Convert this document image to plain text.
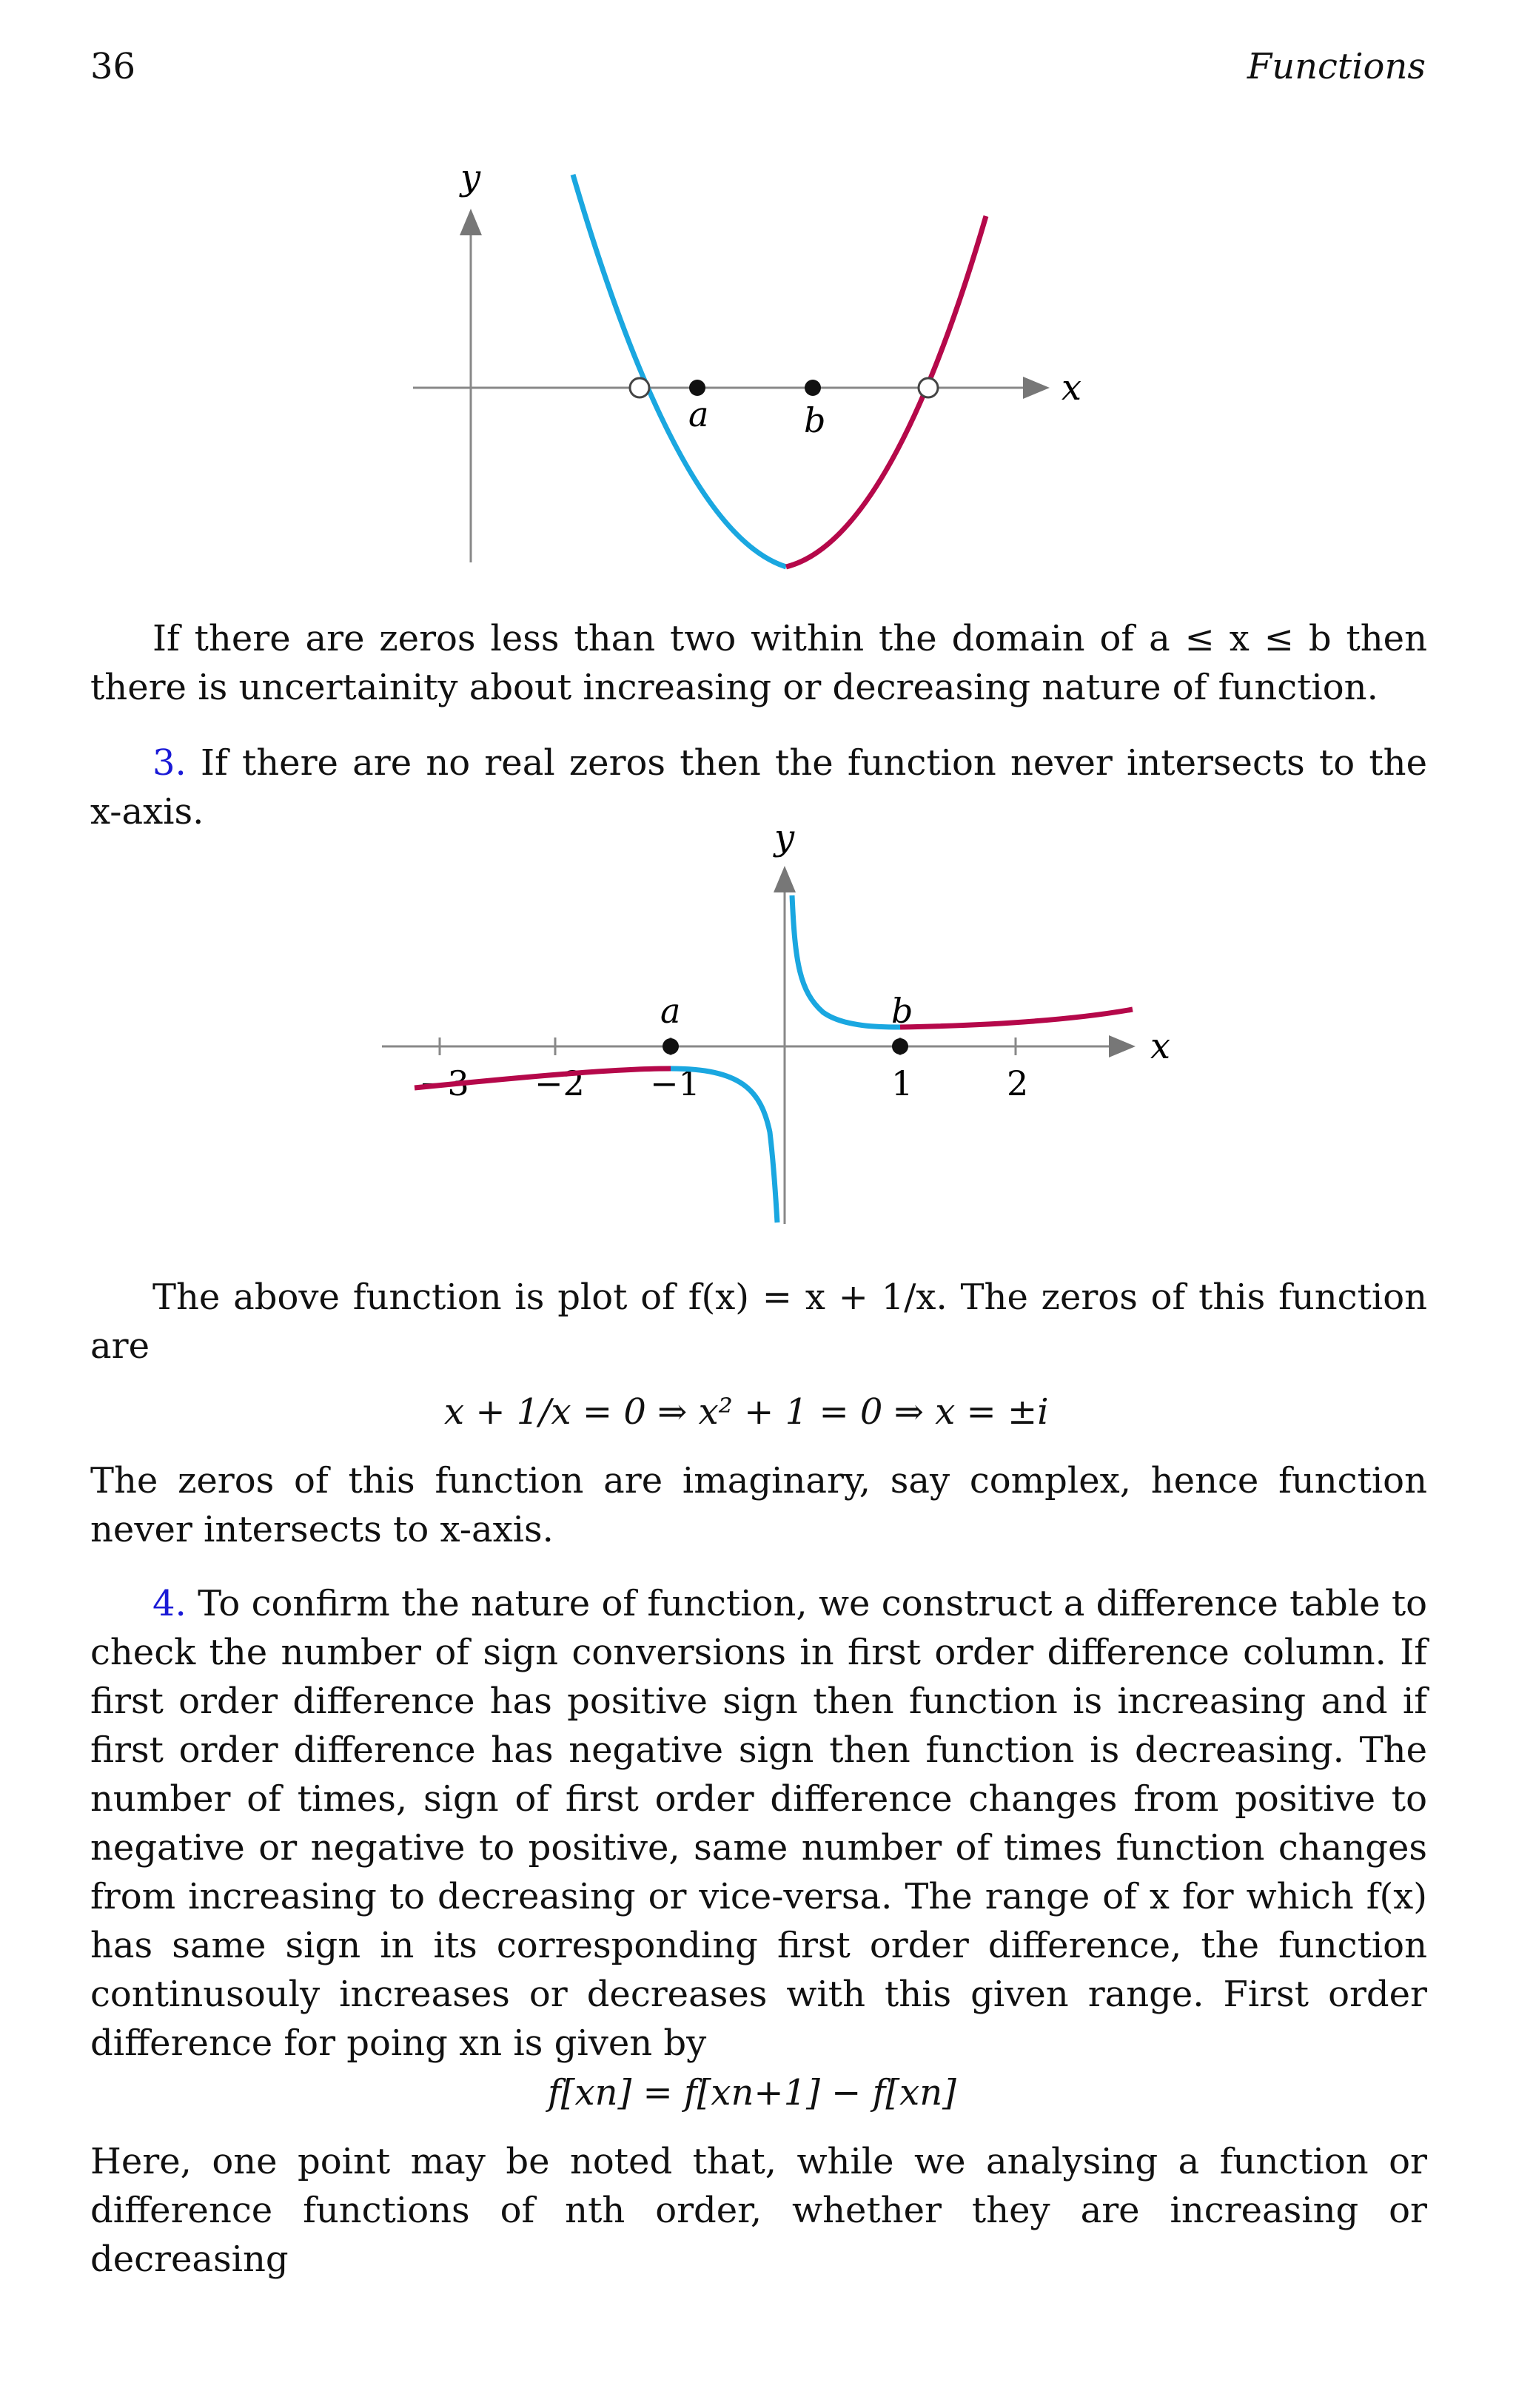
36	Functions
y
x
a	b

If there are zeros less than two within the domain of a ≤ x ≤ b then there is uncertainity about increasing or decreasing nature of function.

3. If there are no real zeros then the function never intersects to the x-axis.

y
x
−3 −2 −1	1	2
a	b

The above function is plot of f(x) = x + 1/x. The zeros of this function are

x + 1/x = 0 ⇒ x² + 1 = 0 ⇒ x = ±i

The zeros of this function are imaginary, say complex, hence function never intersects to x-axis.

4. To confirm the nature of function, we construct a difference table to check the number of sign conversions in first order difference column. If first order difference has positive sign then function is increasing and if first order difference has negative sign then function is decreasing. The number of times, sign of first order difference changes from positive to negative or negative to positive, same number of times function changes from increasing to decreasing or vice-versa. The range of x for which f(x) has same sign in its corresponding first order difference, the function continusouly increases or decreases with this given range. First order difference for poing xn is given by

f[xn] = f[xn+1] − f[xn]

Here, one point may be noted that, while we analysing a function or difference functions of nth order, whether they are increasing or decreasing
